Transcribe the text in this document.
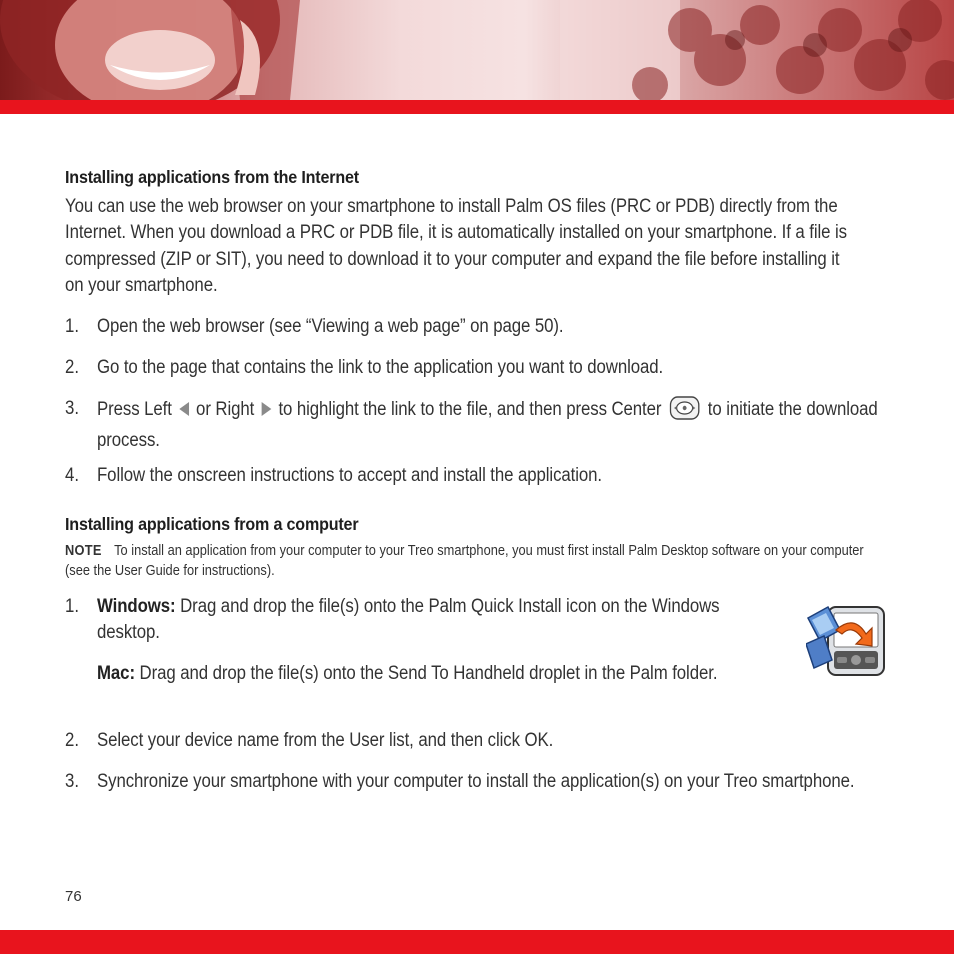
Installing applications from the Internet

You can use the web browser on your smartphone to install Palm OS files (PRC or PDB) directly from the Internet. When you download a PRC or PDB file, it is automatically installed on your smartphone. If a file is compressed (ZIP or SIT), you need to download it to your computer and expand the file before installing it on your smartphone.

1. Open the web browser (see “Viewing a web page” on page 50).
2. Go to the page that contains the link to the application you want to download.
3. Press Left or Right to highlight the link to the file, and then press Center to initiate the download process.
4. Follow the onscreen instructions to accept and install the application.
Installing applications from a computer
NOTE To install an application from your computer to your Treo smartphone, you must first install Palm Desktop software on your computer (see the User Guide for instructions).
1. Windows: Drag and drop the file(s) onto the Palm Quick Install icon on the Windows desktop.
Mac: Drag and drop the file(s) onto the Send To Handheld droplet in the Palm folder.
2. Select your device name from the User list, and then click OK.
3. Synchronize your smartphone with your computer to install the application(s) on your Treo smartphone.
76
